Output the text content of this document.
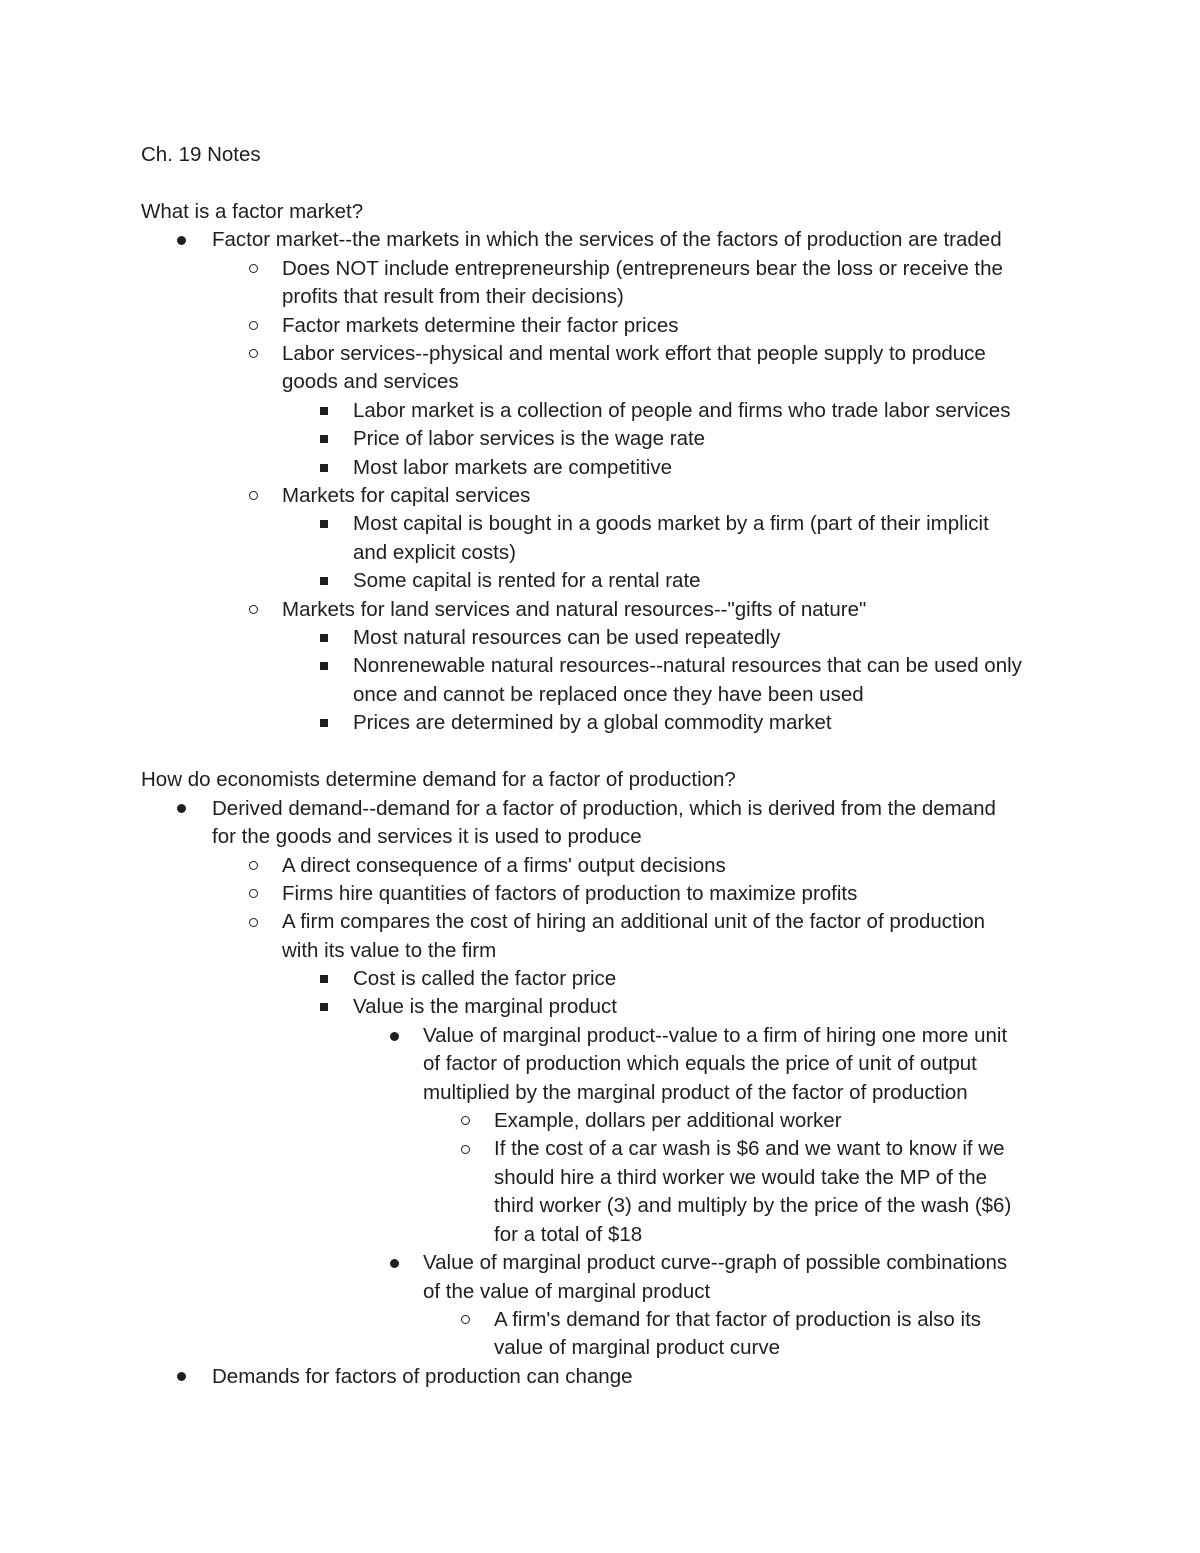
Ch. 19 Notes
What is a factor market?
Factor market--the markets in which the services of the factors of production are traded
Does NOT include entrepreneurship (entrepreneurs bear the loss or receive the
profits that result from their decisions)
Factor markets determine their factor prices
Labor services--physical and mental work effort that people supply to produce
goods and services
Labor market is a collection of people and firms who trade labor services
Price of labor services is the wage rate
Most labor markets are competitive
Markets for capital services
Most capital is bought in a goods market by a firm (part of their implicit
and explicit costs)
Some capital is rented for a rental rate
Markets for land services and natural resources--"gifts of nature"
Most natural resources can be used repeatedly
Nonrenewable natural resources--natural resources that can be used only
once and cannot be replaced once they have been used
Prices are determined by a global commodity market
How do economists determine demand for a factor of production?
Derived demand--demand for a factor of production, which is derived from the demand
for the goods and services it is used to produce
A direct consequence of a firms' output decisions
Firms hire quantities of factors of production to maximize profits
A firm compares the cost of hiring an additional unit of the factor of production
with its value to the firm
Cost is called the factor price
Value is the marginal product
Value of marginal product--value to a firm of hiring one more unit
of factor of production which equals the price of unit of output
multiplied by the marginal product of the factor of production
Example, dollars per additional worker
If the cost of a car wash is $6 and we want to know if we
should hire a third worker we would take the MP of the
third worker (3) and multiply by the price of the wash ($6)
for a total of $18
Value of marginal product curve--graph of possible combinations
of the value of marginal product
A firm's demand for that factor of production is also its
value of marginal product curve
Demands for factors of production can change
